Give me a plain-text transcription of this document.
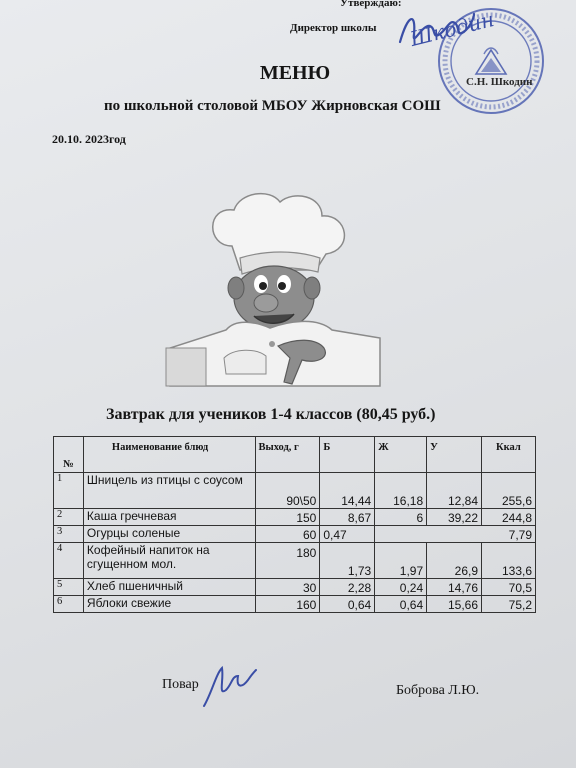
Утверждаю:
Директор школы Шкодин
С.Н. Шкодин
МЕНЮ
по школьной столовой МБОУ Жирновская СОШ
20.10. 2023год
Завтрак для учеников 1-4 классов (80,45 руб.)
№	Наименование блюд	Выход, г	Б	Ж	У	Ккал
1	Шницель из птицы с соусом	90\50	14,44	16,18	12,84	255,6
2	Каша гречневая	150	8,67	6	39,22	244,8
3	Огурцы соленые	60	0,47			7,79
4	Кофейный напиток на сгущенном мол.	180	1,73	1,97	26,9	133,6
5	Хлеб пшеничный	30	2,28	0,24	14,76	70,5
6	Яблоки свежие	160	0,64	0,64	15,66	75,2
Повар	Боброва Л.Ю.
